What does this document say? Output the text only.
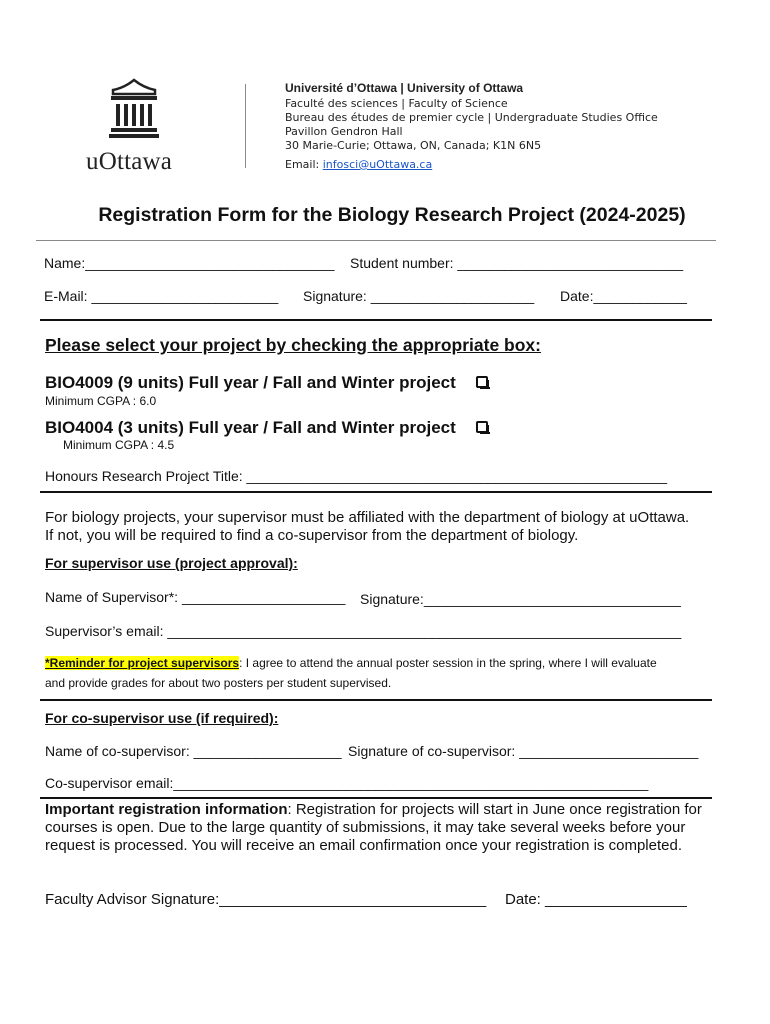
uOttawa
Université d’Ottawa | University of Ottawa
Faculté des sciences | Faculty of Science
Bureau des études de premier cycle | Undergraduate Studies Office
Pavillon Gendron Hall
30 Marie-Curie; Ottawa, ON, Canada; K1N 6N5
Email: infosci@uOttawa.ca
Registration Form for the Biology Research Project (2024-2025)
Name:________________________________ Student number: _____________________________
E-Mail: ________________________ Signature: _____________________ Date:____________
Please select your project by checking the appropriate box:
BIO4009 (9 units) Full year / Fall and Winter project
Minimum CGPA : 6.0
BIO4004 (3 units) Full year / Fall and Winter project
Minimum CGPA : 4.5
Honours Research Project Title: ______________________________________________________
For biology projects, your supervisor must be affiliated with the department of biology at uOttawa.
If not, you will be required to find a co-supervisor from the department of biology.
For supervisor use (project approval):
Name of Supervisor*: _____________________ Signature:_________________________________
Supervisor’s email: __________________________________________________________________
*Reminder for project supervisors: I agree to attend the annual poster session in the spring, where I will evaluate
and provide grades for about two posters per student supervised.
For co-supervisor use (if required):
Name of co-supervisor: ___________________ Signature of co-supervisor: _______________________
Co-supervisor email:_____________________________________________________________
Important registration information: Registration for projects will start in June once registration for courses is open. Due to the large quantity of submissions, it may take several weeks before your request is processed. You will receive an email confirmation once your registration is completed.
Faculty Advisor Signature:________________________________ Date: _________________
